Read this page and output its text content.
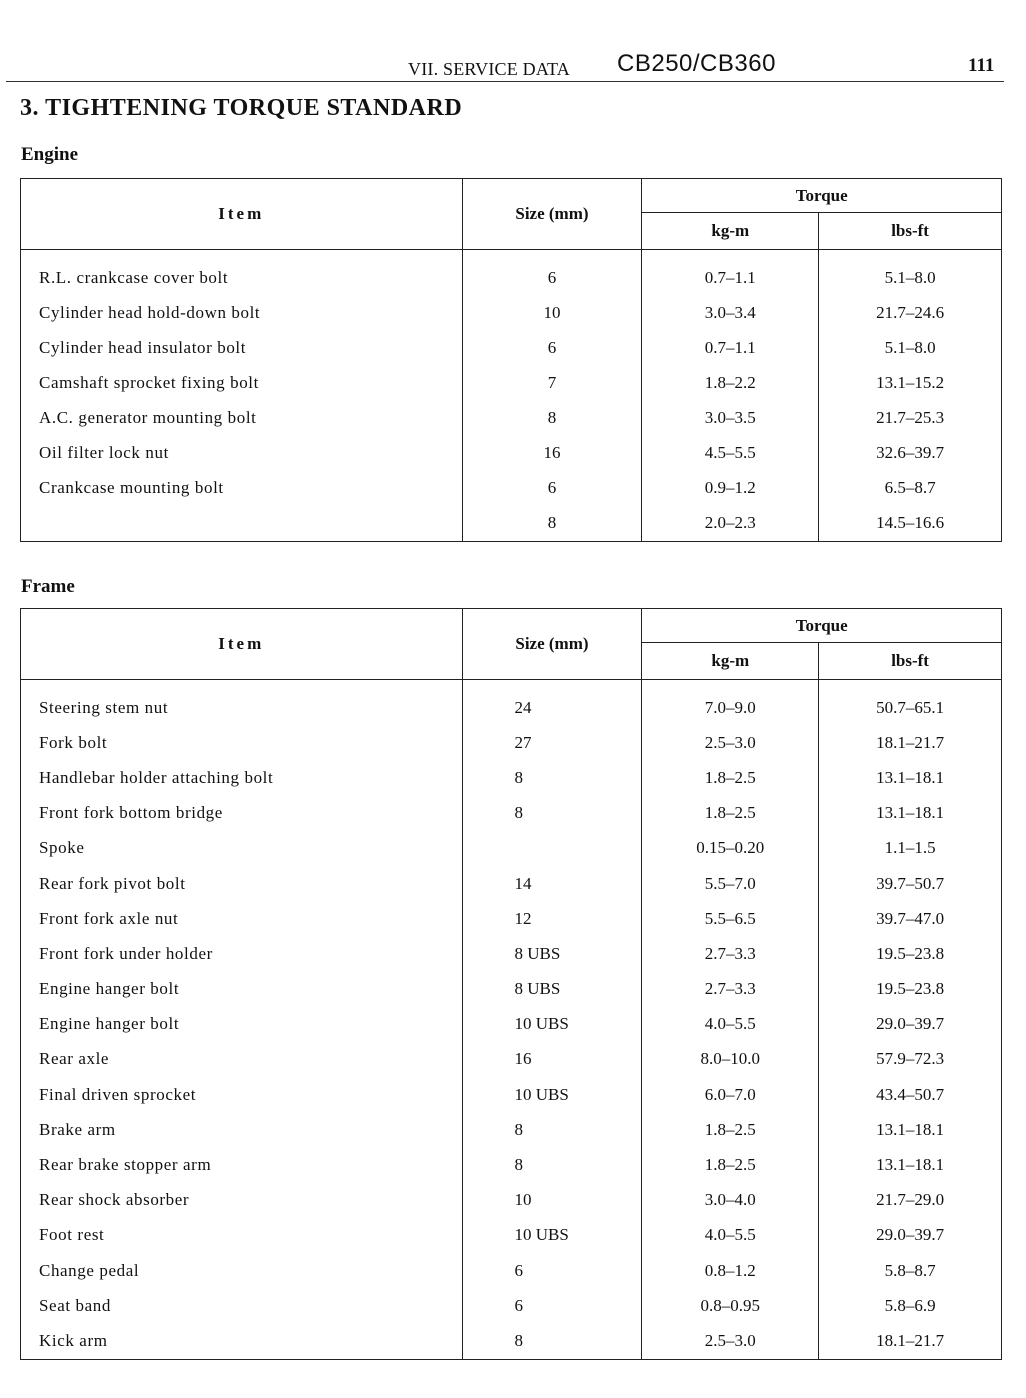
VII. SERVICE DATA CB250/CB360	111
3. TIGHTENING TORQUE STANDARD
Engine
Item	Size (mm)	Torque	
		kg-m	lbs-ft

R.L. crankcase cover bolt	6	0.7–1.1	5.1–8.0
Cylinder head hold-down bolt	10	3.0–3.4	21.7–24.6
Cylinder head insulator bolt	6	0.7–1.1	5.1–8.0
Camshaft sprocket fixing bolt	7	1.8–2.2	13.1–15.2
A.C. generator mounting bolt	8	3.0–3.5	21.7–25.3
Oil filter lock nut	16	4.5–5.5	32.6–39.7
Crankcase mounting bolt	6	0.9–1.2	6.5–8.7
	8	2.0–2.3	14.5–16.6
Frame
Item	Size (mm)	Torque	
		kg-m	lbs-ft

Steering stem nut	24	7.0–9.0	50.7–65.1
Fork bolt	27	2.5–3.0	18.1–21.7
Handlebar holder attaching bolt	8	1.8–2.5	13.1–18.1
Front fork bottom bridge	8	1.8–2.5	13.1–18.1
Spoke		0.15–0.20	1.1–1.5
Rear fork pivot bolt	14	5.5–7.0	39.7–50.7
Front fork axle nut	12	5.5–6.5	39.7–47.0
Front fork under holder	8 UBS	2.7–3.3	19.5–23.8
Engine hanger bolt	8 UBS	2.7–3.3	19.5–23.8
Engine hanger bolt	10 UBS	4.0–5.5	29.0–39.7
Rear axle	16	8.0–10.0	57.9–72.3
Final driven sprocket	10 UBS	6.0–7.0	43.4–50.7
Brake arm	8	1.8–2.5	13.1–18.1
Rear brake stopper arm	8	1.8–2.5	13.1–18.1
Rear shock absorber	10	3.0–4.0	21.7–29.0
Foot rest	10 UBS	4.0–5.5	29.0–39.7
Change pedal	6	0.8–1.2	5.8–8.7
Seat band	6	0.8–0.95	5.8–6.9
Kick arm	8	2.5–3.0	18.1–21.7
